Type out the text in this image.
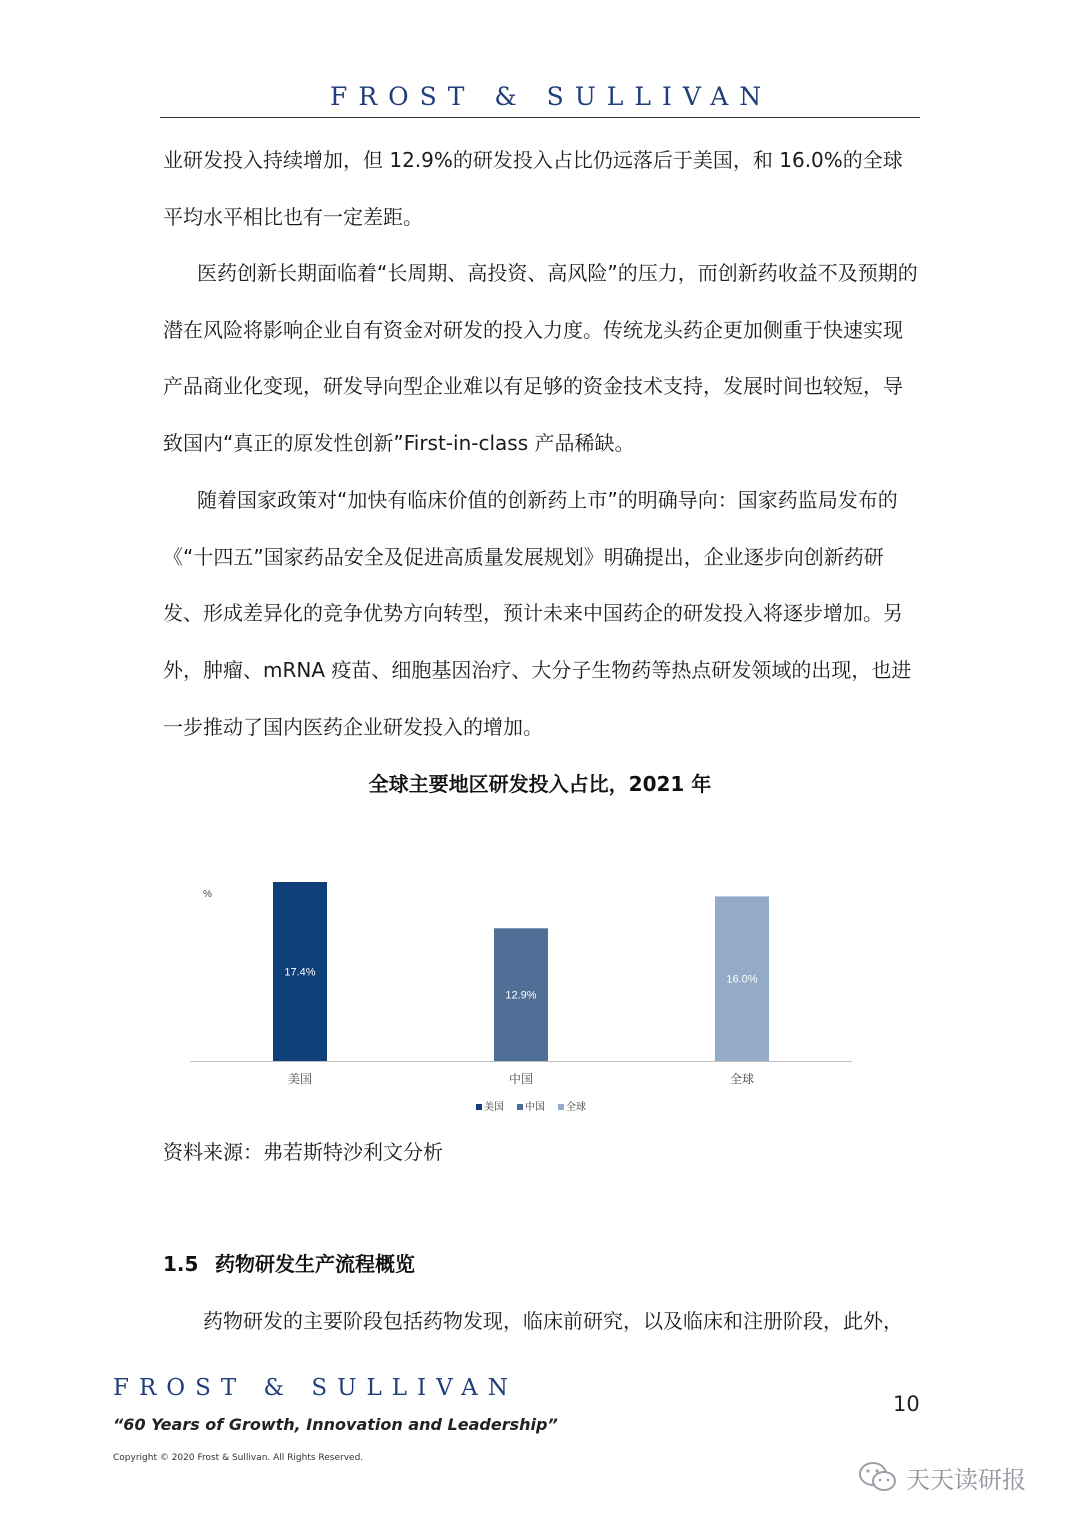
FROST & SULLIVAN

业研发投入持续增加，但 12.9%的研发投入占比仍远落后于美国，和 16.0%的全球平均水平相比也有一定差距。

医药创新长期面临着“长周期、高投资、高风险”的压力，而创新药收益不及预期的潜在风险将影响企业自有资金对研发的投入力度。传统龙头药企更加侧重于快速实现产品商业化变现，研发导向型企业难以有足够的资金技术支持，发展时间也较短，导致国内“真正的原发性创新”First-in-class 产品稀缺。

随着国家政策对“加快有临床价值的创新药上市”的明确导向：国家药监局发布的《“十四五”国家药品安全及促进高质量发展规划》明确提出，企业逐步向创新药研发、形成差异化的竞争优势方向转型，预计未来中国药企的研发投入将逐步增加。另外，肿瘤、mRNA 疫苗、细胞基因治疗、大分子生物药等热点研发领域的出现，也进一步推动了国内医药企业研发投入的增加。

全球主要地区研发投入占比，2021 年
%
17.4%
美国
12.9%
中国
16.0%
全球
美国 中国 全球
资料来源：弗若斯特沙利文分析
1.5 药物研发生产流程概览

药物研发的主要阶段包括药物发现，临床前研究，以及临床和注册阶段，此外，

FROST & SULLIVAN
10
“60 Years of Growth, Innovation and Leadership”
Copyright © 2020 Frost & Sullivan. All Rights Reserved.
天天读研报
